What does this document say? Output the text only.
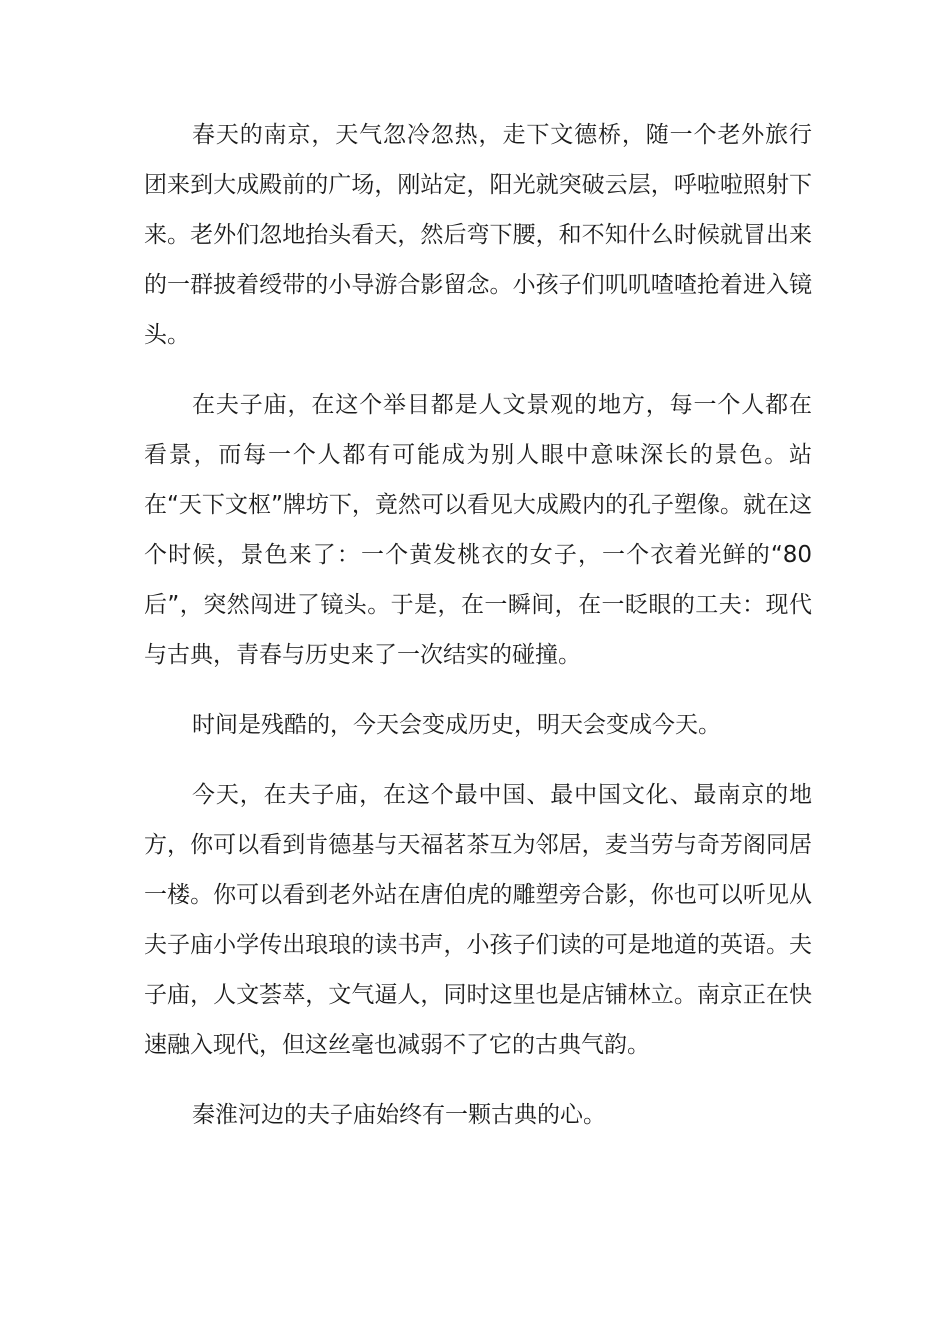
春天的南京，天气忽冷忽热，走下文德桥，随一个老外旅行团来到大成殿前的广场，刚站定，阳光就突破云层，呼啦啦照射下来。老外们忽地抬头看天，然后弯下腰，和不知什么时候就冒出来的一群披着绶带的小导游合影留念。小孩子们叽叽喳喳抢着进入镜头。

在夫子庙，在这个举目都是人文景观的地方，每一个人都在看景，而每一个人都有可能成为别人眼中意味深长的景色。站在“天下文枢”牌坊下，竟然可以看见大成殿内的孔子塑像。就在这个时候，景色来了：一个黄发桃衣的女子，一个衣着光鲜的“80后”，突然闯进了镜头。于是，在一瞬间，在一眨眼的工夫：现代与古典，青春与历史来了一次结实的碰撞。

时间是残酷的，今天会变成历史，明天会变成今天。

今天，在夫子庙，在这个最中国、最中国文化、最南京的地方，你可以看到肯德基与天福茗茶互为邻居，麦当劳与奇芳阁同居一楼。你可以看到老外站在唐伯虎的雕塑旁合影，你也可以听见从夫子庙小学传出琅琅的读书声，小孩子们读的可是地道的英语。夫子庙，人文荟萃，文气逼人，同时这里也是店铺林立。南京正在快速融入现代，但这丝毫也减弱不了它的古典气韵。

秦淮河边的夫子庙始终有一颗古典的心。
